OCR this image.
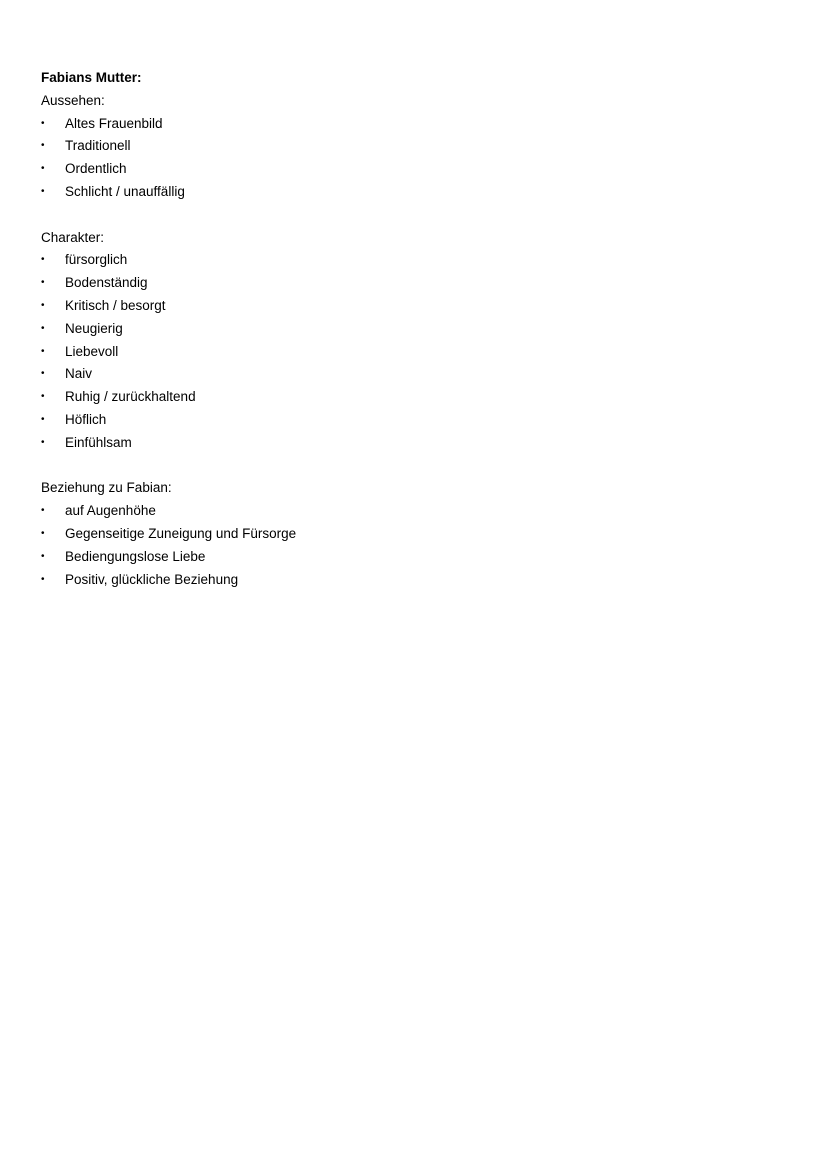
Fabians Mutter:

Aussehen:

•	Altes Frauenbild
•	Traditionell
•	Ordentlich
•	Schlicht / unauffällig

Charakter:

•	fürsorglich
•	Bodenständig
•	Kritisch / besorgt
•	Neugierig
•	Liebevoll
•	Naiv
•	Ruhig / zurückhaltend
•	Höflich
•	Einfühlsam

Beziehung zu Fabian:

•	auf Augenhöhe
•	Gegenseitige Zuneigung und Fürsorge
•	Bediengungslose Liebe
•	Positiv, glückliche Beziehung
